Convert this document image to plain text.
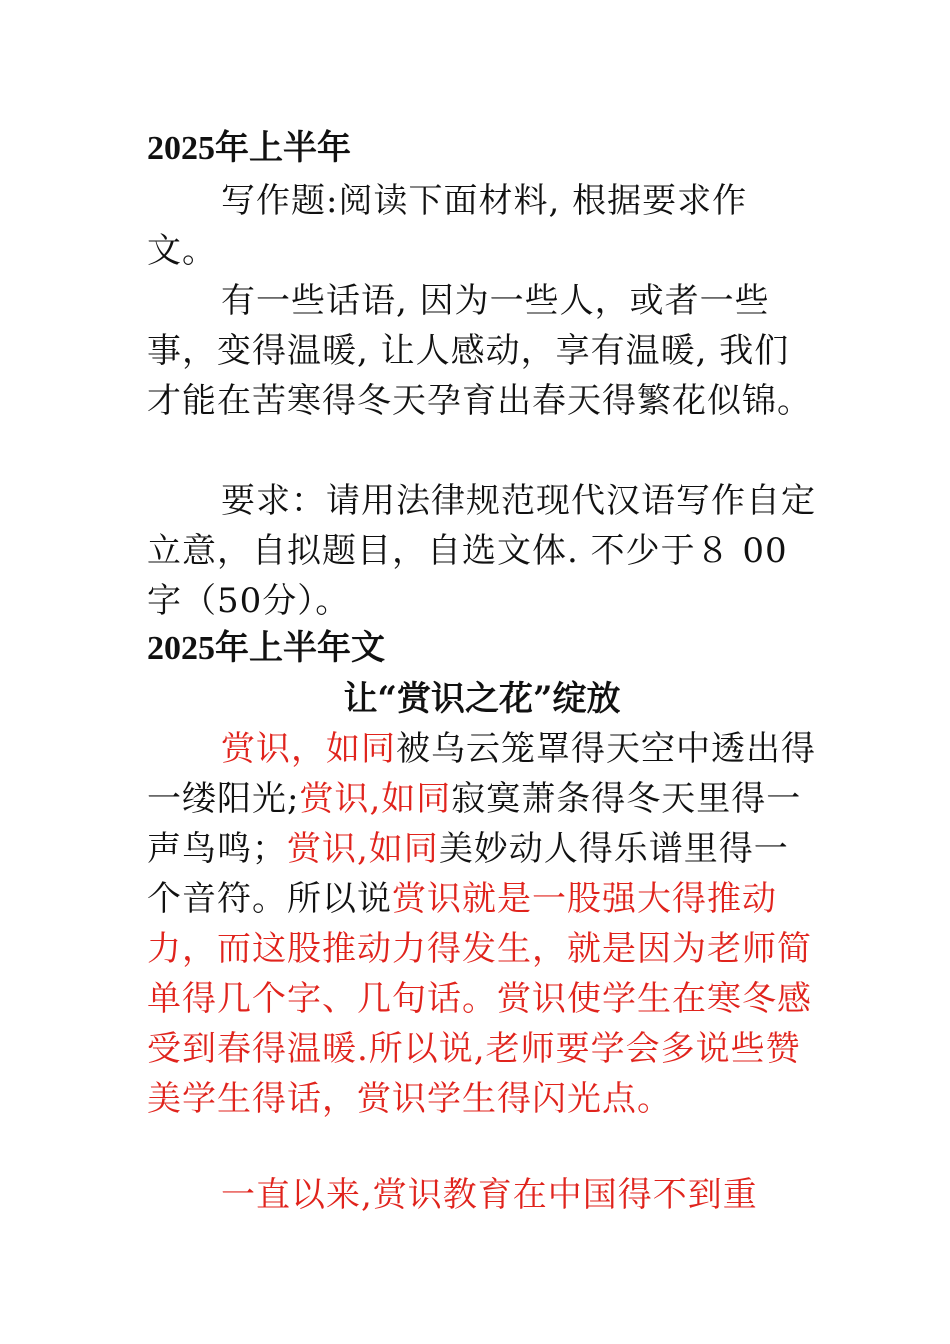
2025年上半年
写作题:阅读下面材料, 根据要求作文。
有一些话语, 因为一些人，或者一些事，变得温暖, 让人感动，享有温暖, 我们才能在苦寒得冬天孕育出春天得繁花似锦。
要求：请用法律规范现代汉语写作自定立意，自拟题目，自选文体. 不少于８ 00字（50分）。
2025年上半年文
让“赏识之花”绽放
赏识，如同被乌云笼罩得天空中透出得一缕阳光;赏识,如同寂寞萧条得冬天里得一声鸟鸣；赏识,如同美妙动人得乐谱里得一个音符。所以说赏识就是一股强大得推动力，而这股推动力得发生，就是因为老师简单得几个字、几句话。赏识使学生在寒冬感受到春得温暖.所以说,老师要学会多说些赞美学生得话，赏识学生得闪光点。
一直以来,赏识教育在中国得不到重
